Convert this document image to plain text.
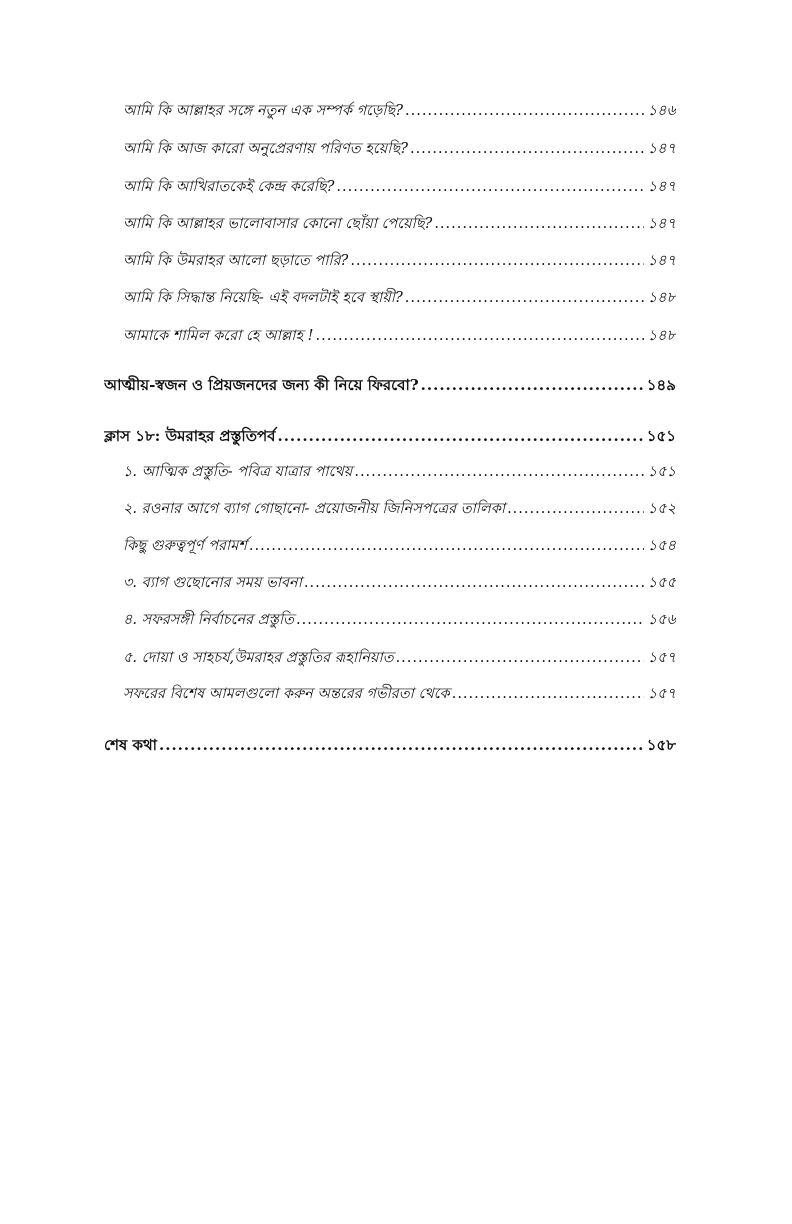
আমি কি আল্লাহর সঙ্গে নতুন এক সম্পর্ক গড়েছি? .....	১৪৬
আমি কি আজ কারো অনুপ্রেরণায় পরিণত হয়েছি? .....	১৪৭
আমি কি আখিরাতকেই কেন্দ্র করেছি? .....	১৪৭
আমি কি আল্লাহর ভালোবাসার কোনো ছোঁয়া পেয়েছি? .....	১৪৭
আমি কি উমরাহর আলো ছড়াতে পারি? .....	১৪৭
আমি কি সিদ্ধান্ত নিয়েছি- এই বদলটাই হবে স্থায়ী? .....	১৪৮
আমাকে শামিল করো হে আল্লাহ ! .....	১৪৮
আত্মীয়-স্বজন ও প্রিয়জনদের জন্য কী নিয়ে ফিরবো? .....	১৪৯
ক্লাস ১৮: উমরাহর প্রস্তুতিপর্ব .....	১৫১
১. আত্মিক প্রস্তুতি- পবিত্র যাত্রার পাথেয় .....	১৫১
২. রওনার আগে ব্যাগ গোছানো- প্রয়োজনীয় জিনিসপত্রের তালিকা .....	১৫২
কিছু গুরুত্বপূর্ণ পরামর্শ .....	১৫৪
৩. ব্যাগ গুছোনোর সময় ভাবনা .....	১৫৫
৪. সফরসঙ্গী নির্বাচনের প্রস্তুতি .....	১৫৬
৫. দোয়া ও সাহচর্য,উমরাহর প্রস্তুতির রূহানিয়াত .....	১৫৭
সফরের বিশেষ আমলগুলো করুন অন্তরের গভীরতা থেকে .....	১৫৭
শেষ কথা .....	১৫৮
